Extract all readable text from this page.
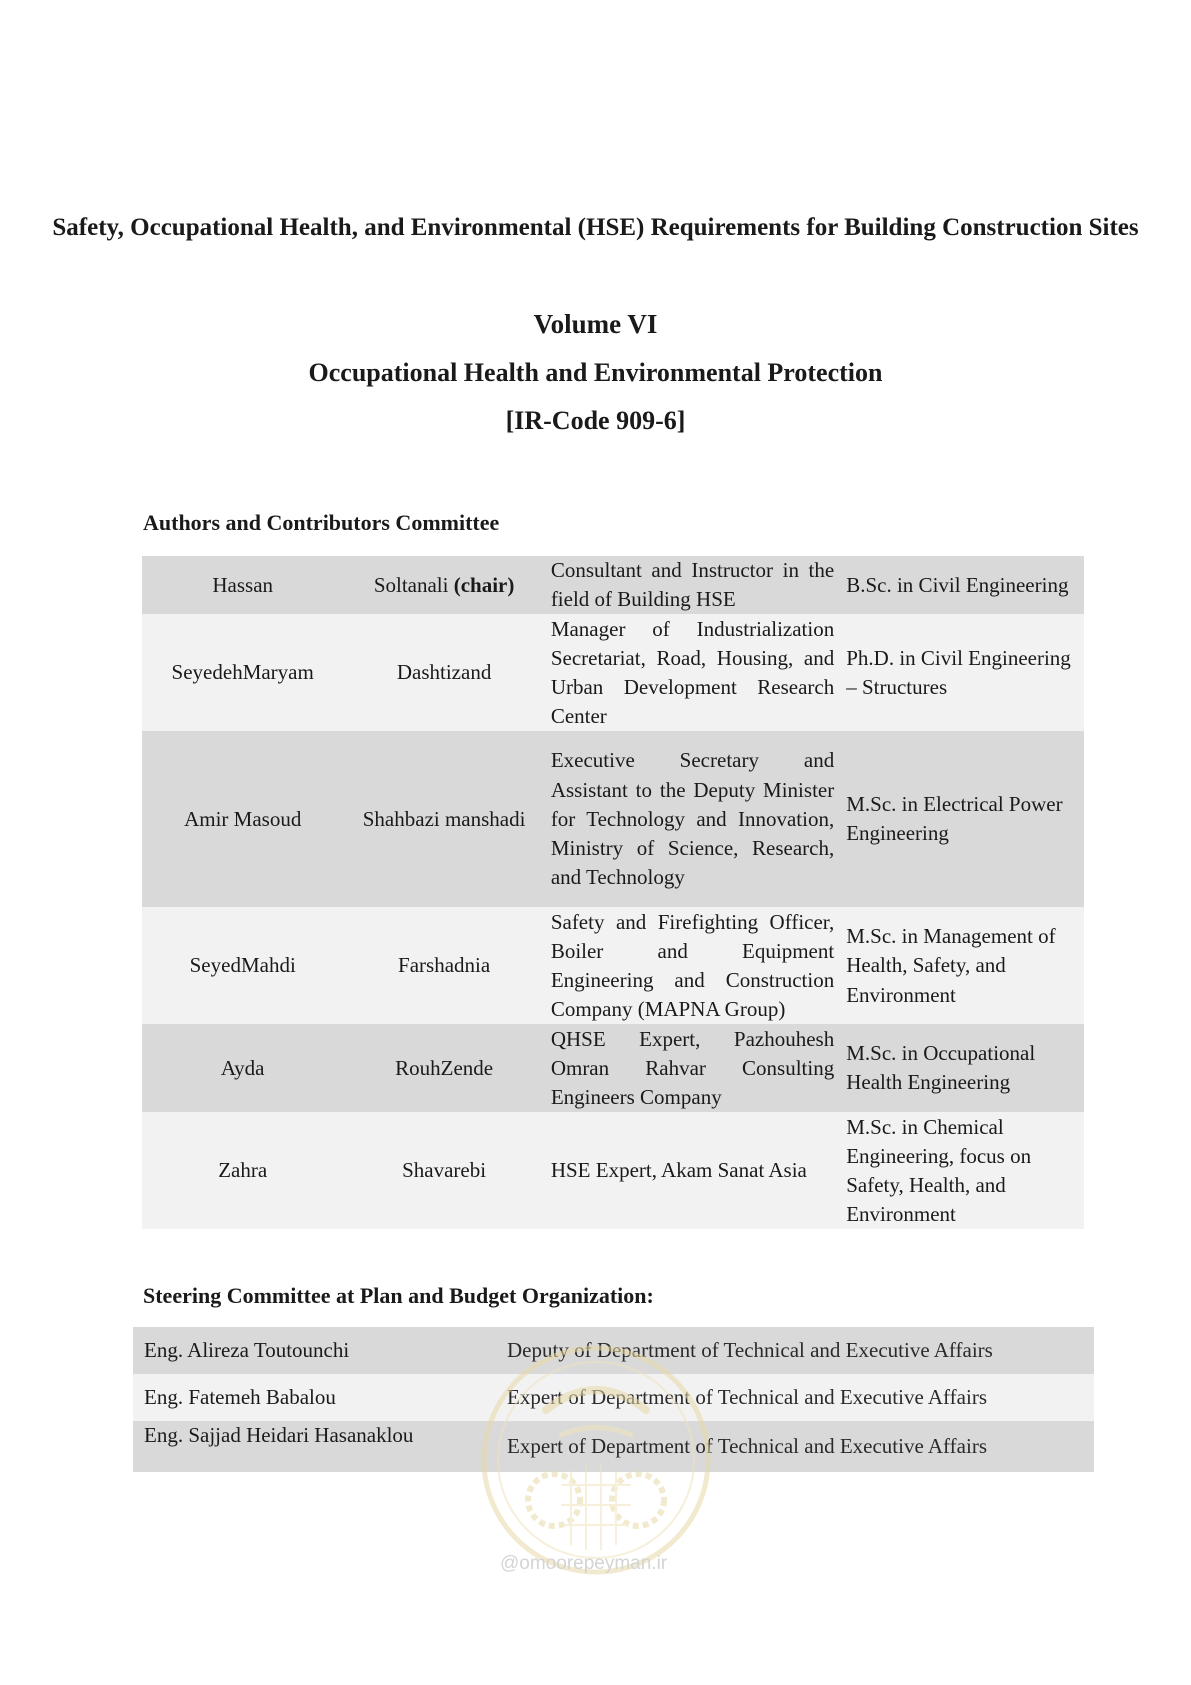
Safety, Occupational Health, and Environmental (HSE) Requirements for Building Construction Sites
Volume VI
Occupational Health and Environmental Protection
[IR-Code 909-6]
Authors and Contributors Committee
Hassan	Soltanali (chair)	Consultant and Instructor in the field of Building HSE	B.Sc. in Civil Engineering
SeyedehMaryam	Dashtizand	Manager of Industrialization Secretariat, Road, Housing, and Urban Development Research Center	Ph.D. in Civil Engineering – Structures
Amir Masoud	Shahbazi manshadi	Executive Secretary and Assistant to the Deputy Minister for Technology and Innovation, Ministry of Science, Research, and Technology	M.Sc. in Electrical Power Engineering
SeyedMahdi	Farshadnia	Safety and Firefighting Officer, Boiler and Equipment Engineering and Construction Company (MAPNA Group)	M.Sc. in Management of Health, Safety, and Environment
Ayda	RouhZende	QHSE Expert, Pazhouhesh Omran Rahvar Consulting Engineers Company	M.Sc. in Occupational Health Engineering
Zahra	Shavarebi	HSE Expert, Akam Sanat Asia	M.Sc. in Chemical Engineering, focus on Safety, Health, and Environment
Steering Committee at Plan and Budget Organization:
Eng. Alireza Toutounchi	Deputy of Department of Technical and Executive Affairs
Eng. Fatemeh Babalou	Expert of Department of Technical and Executive Affairs
Eng. Sajjad Heidari Hasanaklou	Expert of Department of Technical and Executive Affairs
@omoorepeyman.ir
